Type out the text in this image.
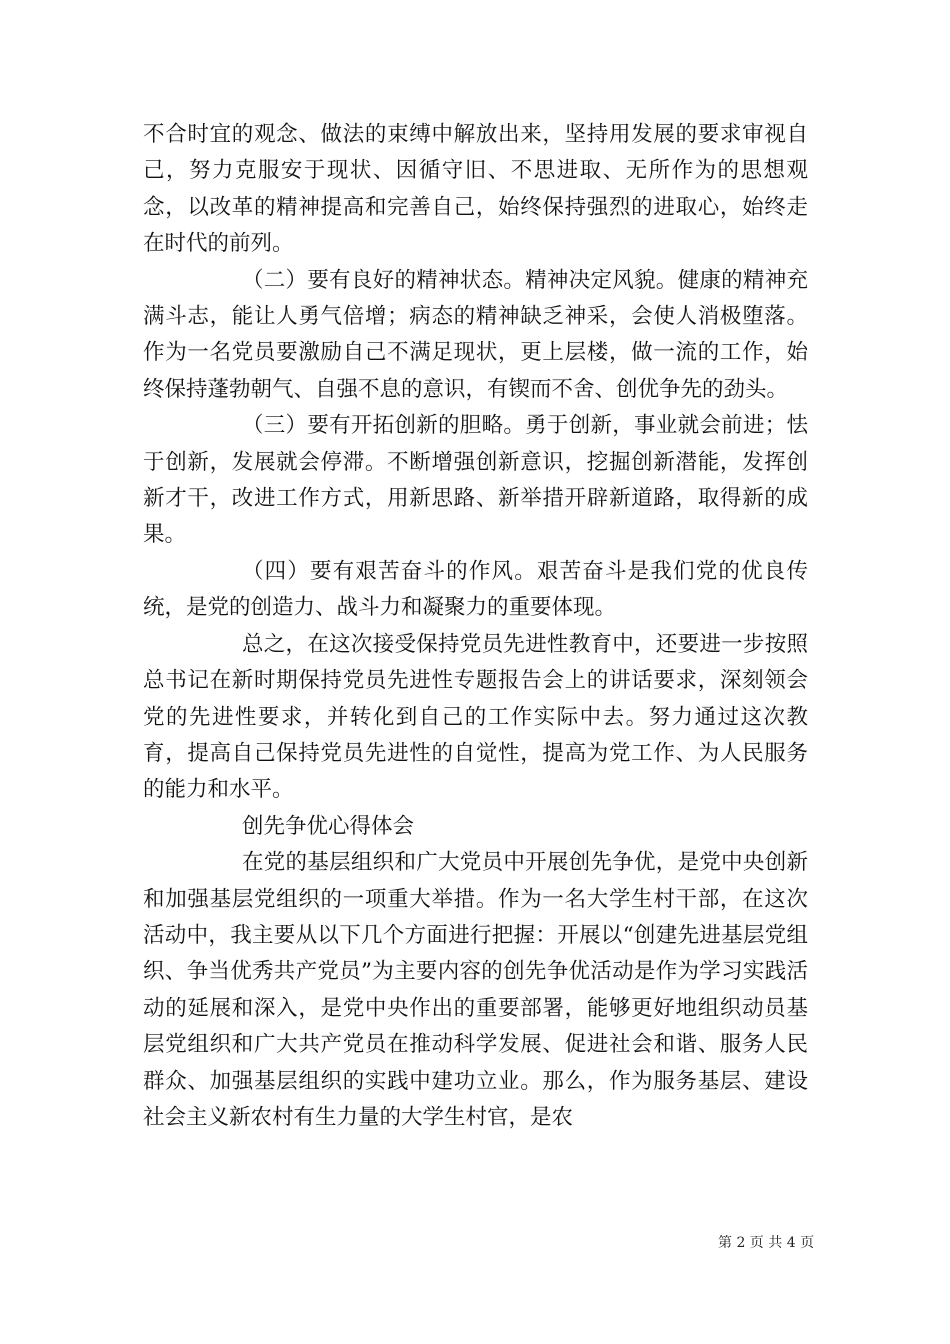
不合时宜的观念、做法的束缚中解放出来，坚持用发展的要求审视自己，努力克服安于现状、因循守旧、不思进取、无所作为的思想观念，以改革的精神提高和完善自己，始终保持强烈的进取心，始终走在时代的前列。

（二）要有良好的精神状态。精神决定风貌。健康的精神充满斗志，能让人勇气倍增；病态的精神缺乏神采，会使人消极堕落。作为一名党员要激励自己不满足现状，更上层楼，做一流的工作，始终保持蓬勃朝气、自强不息的意识，有锲而不舍、创优争先的劲头。

（三）要有开拓创新的胆略。勇于创新，事业就会前进；怯于创新，发展就会停滞。不断增强创新意识，挖掘创新潜能，发挥创新才干，改进工作方式，用新思路、新举措开辟新道路，取得新的成果。

（四）要有艰苦奋斗的作风。艰苦奋斗是我们党的优良传统，是党的创造力、战斗力和凝聚力的重要体现。

总之，在这次接受保持党员先进性教育中，还要进一步按照总书记在新时期保持党员先进性专题报告会上的讲话要求，深刻领会党的先进性要求，并转化到自己的工作实际中去。努力通过这次教育，提高自己保持党员先进性的自觉性，提高为党工作、为人民服务的能力和水平。

创先争优心得体会

在党的基层组织和广大党员中开展创先争优，是党中央创新和加强基层党组织的一项重大举措。作为一名大学生村干部，在这次活动中，我主要从以下几个方面进行把握：开展以“创建先进基层党组织、争当优秀共产党员”为主要内容的创先争优活动是作为学习实践活动的延展和深入，是党中央作出的重要部署，能够更好地组织动员基层党组织和广大共产党员在推动科学发展、促进社会和谐、服务人民群众、加强基层组织的实践中建功立业。那么，作为服务基层、建设社会主义新农村有生力量的大学生村官，是农

第 2 页 共 4 页
